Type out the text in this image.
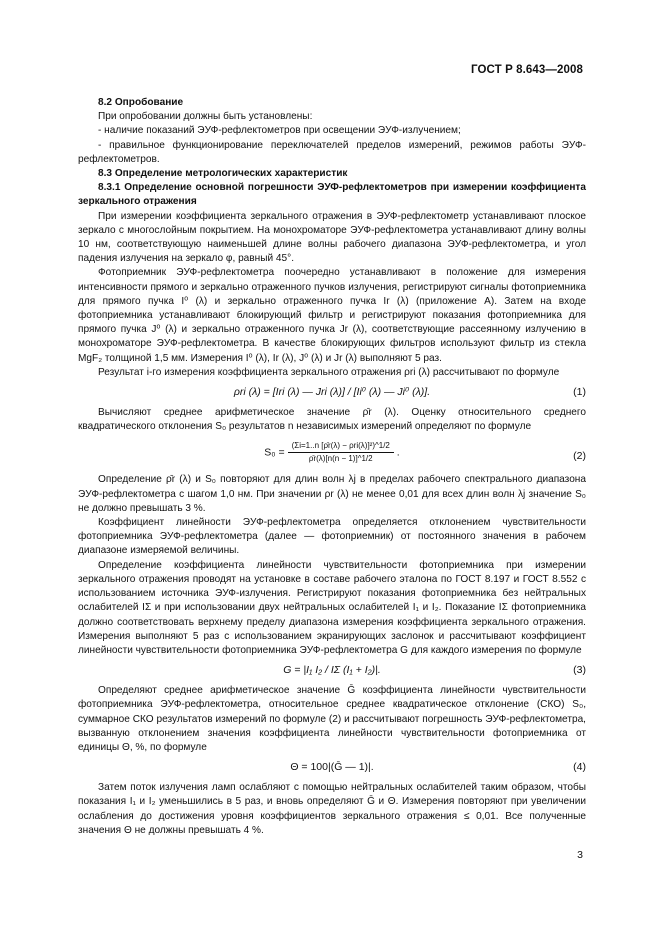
ГОСТ Р 8.643—2008

8.2 Опробование

При опробовании должны быть установлены:

- наличие показаний ЭУФ-рефлектометров при освещении ЭУФ-излучением;

- правильное функционирование переключателей пределов измерений, режимов работы ЭУФ-рефлектометров.

8.3 Определение метрологических характеристик

8.3.1 Определение основной погрешности ЭУФ-рефлектометров при измерении коэффициента зеркального отражения

При измерении коэффициента зеркального отражения в ЭУФ-рефлектометр устанавливают плоское зеркало с многослойным покрытием. На монохроматоре ЭУФ-рефлектометра устанавливают длину волны 10 нм, соответствующую наименьшей длине волны рабочего диапазона ЭУФ-рефлектометра, и угол падения излучения на зеркало φ, равный 45°.

Фотоприемник ЭУФ-рефлектометра поочередно устанавливают в положение для измерения интенсивности прямого и зеркально отраженного пучков излучения, регистрируют сигналы фотоприемника для прямого пучка I⁰ (λ) и зеркально отраженного пучка Ir (λ) (приложение А). Затем на входе фотоприемника устанавливают блокирующий фильтр и регистрируют показания фотоприемника для прямого пучка J⁰ (λ) и зеркально отраженного пучка Jr (λ), соответствующие рассеянному излучению в монохроматоре ЭУФ-рефлектометра. В качестве блокирующих фильтров используют фильтр из стекла MgF₂ толщиной 1,5 мм. Измерения I⁰ (λ), Ir (λ), J⁰ (λ) и Jr (λ) выполняют 5 раз.

Результат i-го измерения коэффициента зеркального отражения ρri (λ) рассчитывают по формуле

ρri (λ) = [Iri (λ) — Jri (λ)] / [Ii⁰ (λ) — Ji⁰ (λ)].	(1)

Вычисляют среднее арифметическое значение ρ̄r (λ). Оценку относительного среднего квадратического отклонения S₀ результатов n независимых измерений определяют по формуле

$S_0 = \frac{\text{(Σi=1..n [ρ̄r(λ) − ρri(λ)]²)\textasciicircum{}1/2}}{\rhōr(\lambda)[n(n - 1)]\^{}1/2}$ .	(2)

Определение ρ̄r (λ) и S₀ повторяют для длин волн λj в пределах рабочего спектрального диапазона ЭУФ-рефлектометра с шагом 1,0 нм. При значении ρr (λ) не менее 0,01 для всех длин волн λj значение S₀ не должно превышать 3 %.

Коэффициент линейности ЭУФ-рефлектометра определяется отклонением чувствительности фотоприемника ЭУФ-рефлектометра (далее — фотоприемник) от постоянного значения в рабочем диапазоне измеряемой величины.

Определение коэффициента линейности чувствительности фотоприемника при измерении зеркального отражения проводят на установке в составе рабочего эталона по ГОСТ 8.197 и ГОСТ 8.552 с использованием источника ЭУФ-излучения. Регистрируют показания фотоприемника без нейтральных ослабителей IΣ и при использовании двух нейтральных ослабителей I₁ и I₂. Показание IΣ фотоприемника должно соответствовать верхнему пределу диапазона измерения коэффициента зеркального отражения. Измерения выполняют 5 раз с использованием экранирующих заслонок и рассчитывают коэффициент линейности чувствительности фотоприемника ЭУФ-рефлектометра G для каждого измерения по формуле

G = |I₁ I₂ / IΣ (I₁ + I₂)|.	(3)

Определяют среднее арифметическое значение Ḡ коэффициента линейности чувствительности фотоприемника ЭУФ-рефлектометра, относительное среднее квадратическое отклонение (СКО) S₀, суммарное СКО результатов измерений по формуле (2) и рассчитывают погрешность ЭУФ-рефлектометра, вызванную отклонением значения коэффициента линейности чувствительности фотоприемника от единицы Θ, %, по формуле

Θ = 100|(Ḡ — 1)|.	(4)

Затем поток излучения ламп ослабляют с помощью нейтральных ослабителей таким образом, чтобы показания I₁ и I₂ уменьшились в 5 раз, и вновь определяют Ḡ и Θ. Измерения повторяют при увеличении ослабления до достижения уровня коэффициентов зеркального отражения ≤ 0,01. Все полученные значения Θ не должны превышать 4 %.

3
